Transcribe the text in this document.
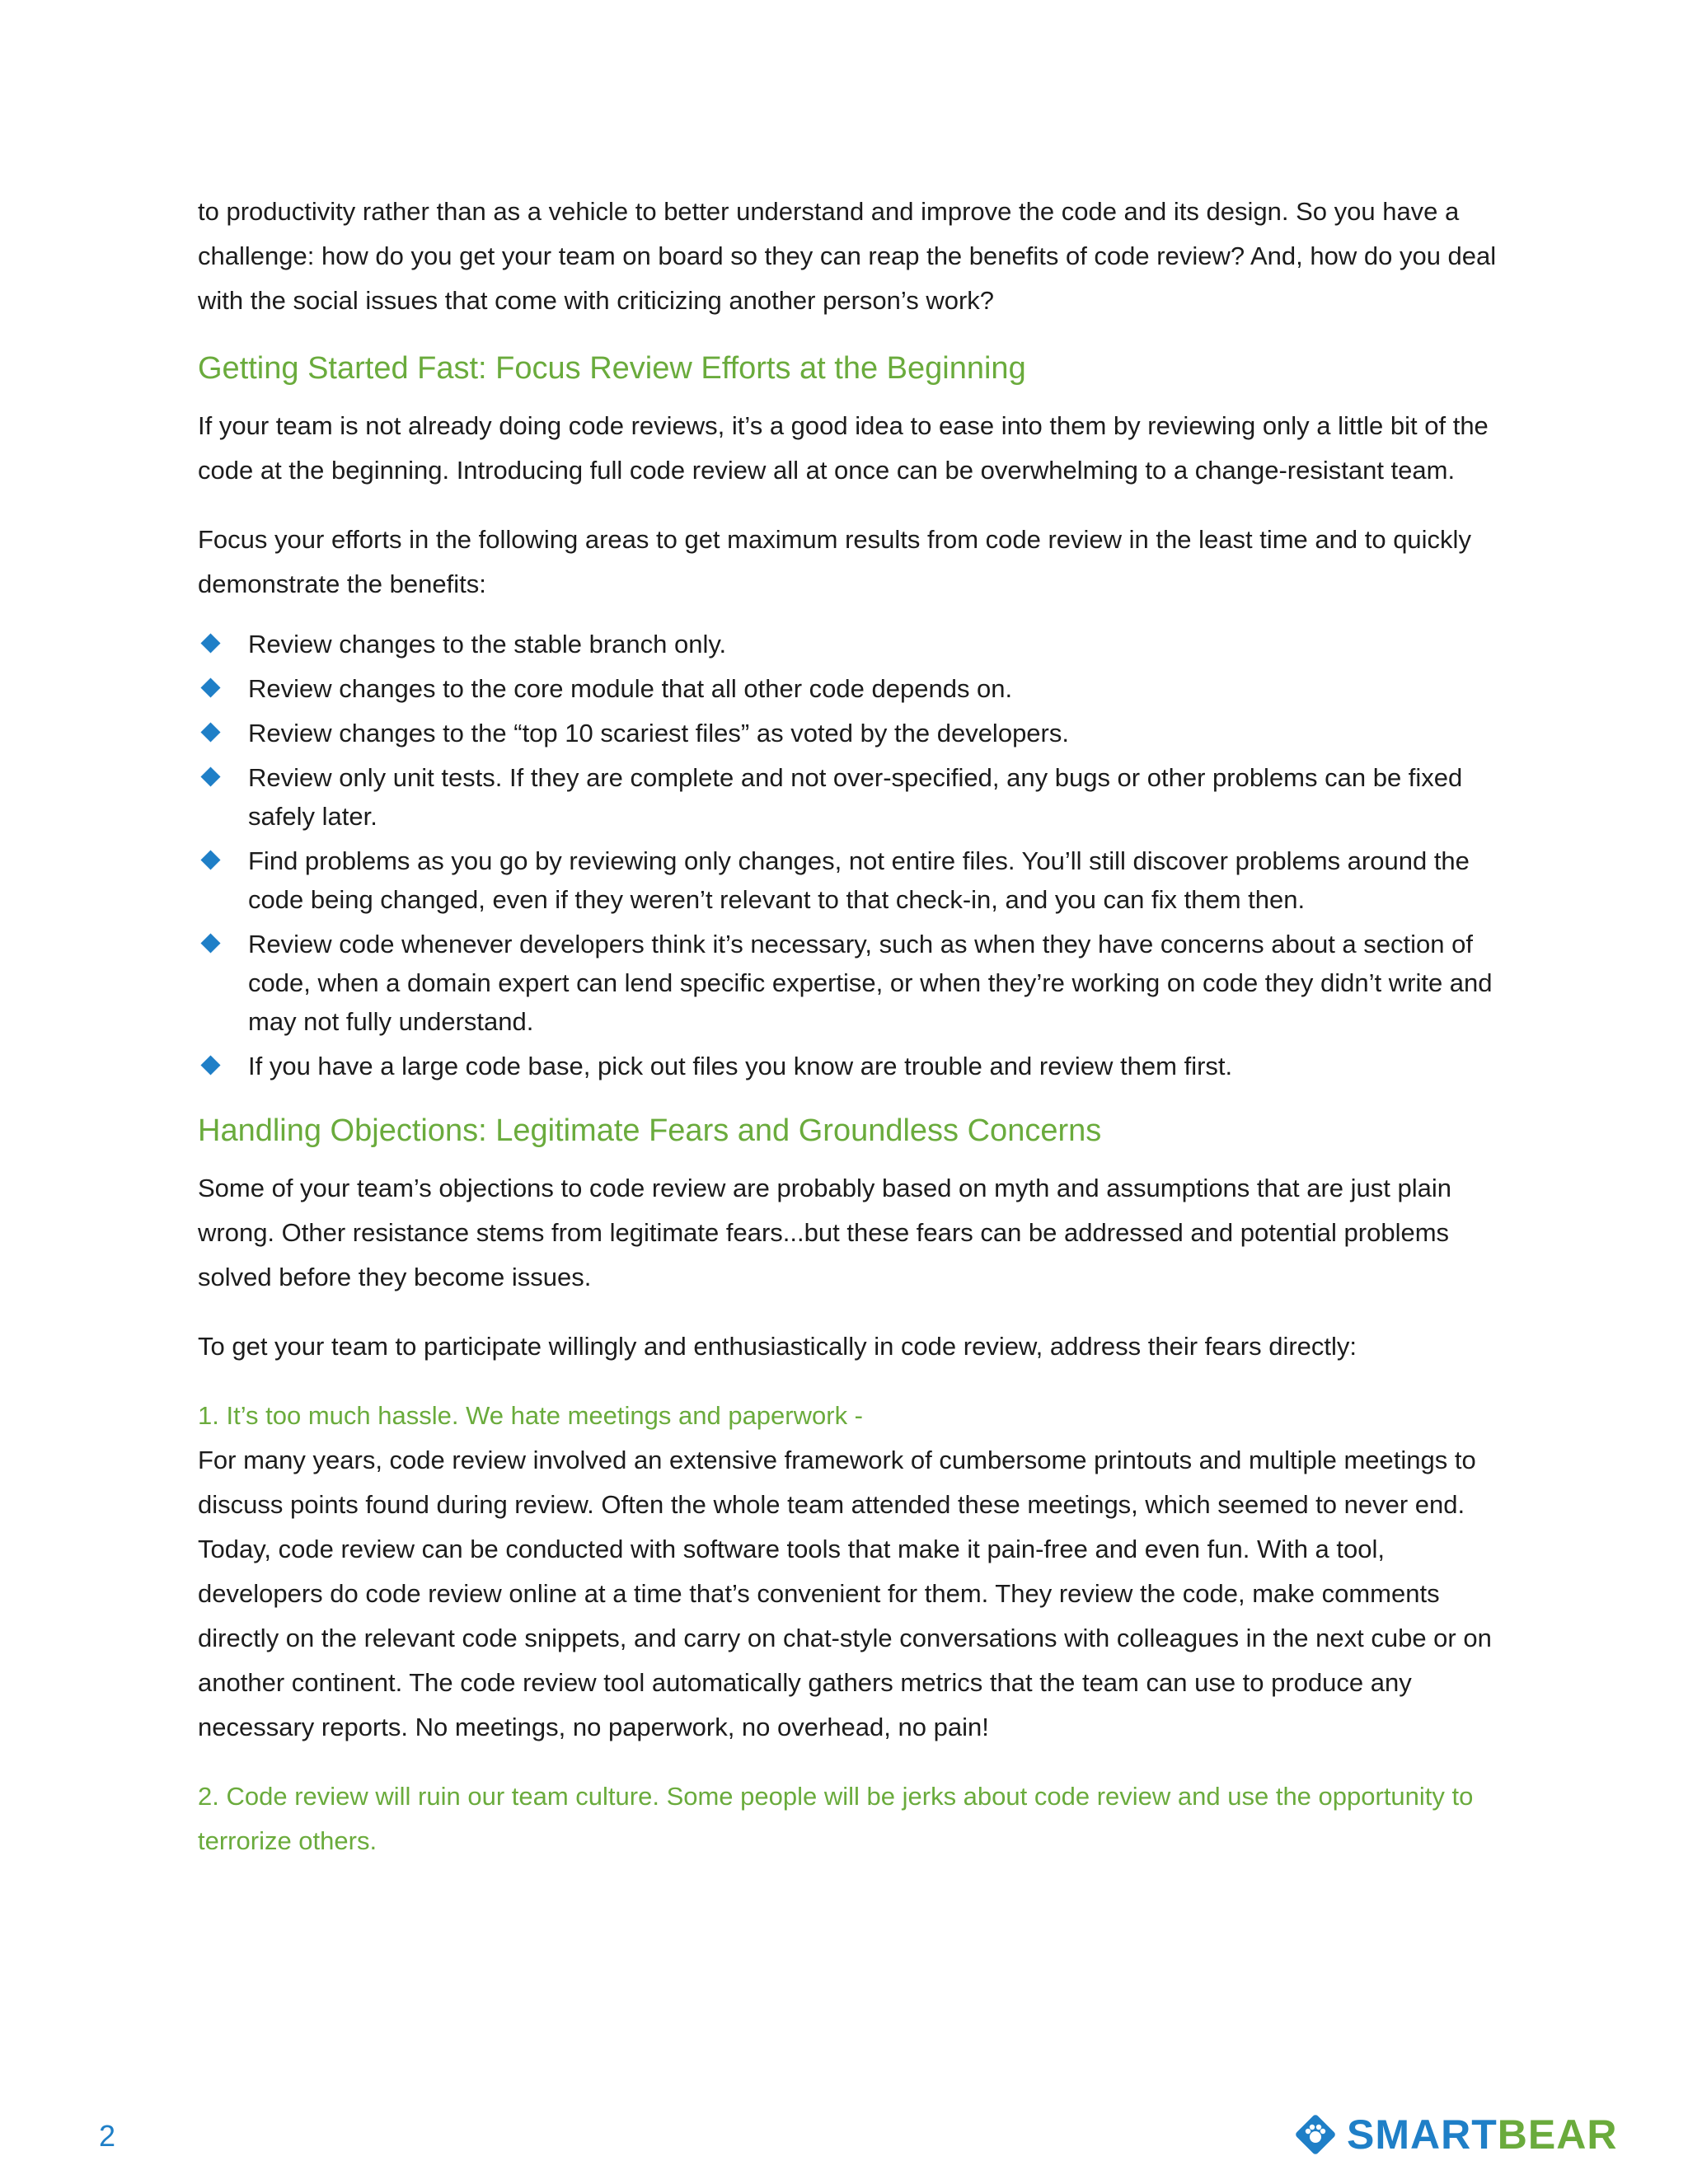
to productivity rather than as a vehicle to better understand and improve the code and its design. So you have a challenge: how do you get your team on board so they can reap the benefits of code review? And, how do you deal with the social issues that come with criticizing another person’s work?

Getting Started Fast: Focus Review Efforts at the Beginning

If your team is not already doing code reviews, it’s a good idea to ease into them by reviewing only a little bit of the code at the beginning. Introducing full code review all at once can be overwhelming to a change-resistant team.

Focus your efforts in the following areas to get maximum results from code review in the least time and to quickly demonstrate the benefits:

Review changes to the stable branch only.
Review changes to the core module that all other code depends on.
Review changes to the “top 10 scariest files” as voted by the developers.
Review only unit tests. If they are complete and not over-specified, any bugs or other problems can be fixed safely later.
Find problems as you go by reviewing only changes, not entire files. You’ll still discover problems around the code being changed, even if they weren’t relevant to that check-in, and you can fix them then.
Review code whenever developers think it’s necessary, such as when they have concerns about a section of code, when a domain expert can lend specific expertise, or when they’re working on code they didn’t write and may not fully understand.
If you have a large code base, pick out files you know are trouble and review them first.
Handling Objections: Legitimate Fears and Groundless Concerns

Some of your team’s objections to code review are probably based on myth and assumptions that are just plain wrong. Other resistance stems from legitimate fears...but these fears can be addressed and potential problems solved before they become issues.

To get your team to participate willingly and enthusiastically in code review, address their fears directly:

1. It’s too much hassle. We hate meetings and paperwork -

For many years, code review involved an extensive framework of cumbersome printouts and multiple meetings to discuss points found during review. Often the whole team attended these meetings, which seemed to never end. Today, code review can be conducted with software tools that make it pain-free and even fun. With a tool, developers do code review online at a time that’s convenient for them. They review the code, make comments directly on the relevant code snippets, and carry on chat-style conversations with colleagues in the next cube or on another continent. The code review tool automatically gathers metrics that the team can use to produce any necessary reports. No meetings, no paperwork, no overhead, no pain!

2. Code review will ruin our team culture. Some people will be jerks about code review and use the opportunity to terrorize others.
2	SMART BEAR
